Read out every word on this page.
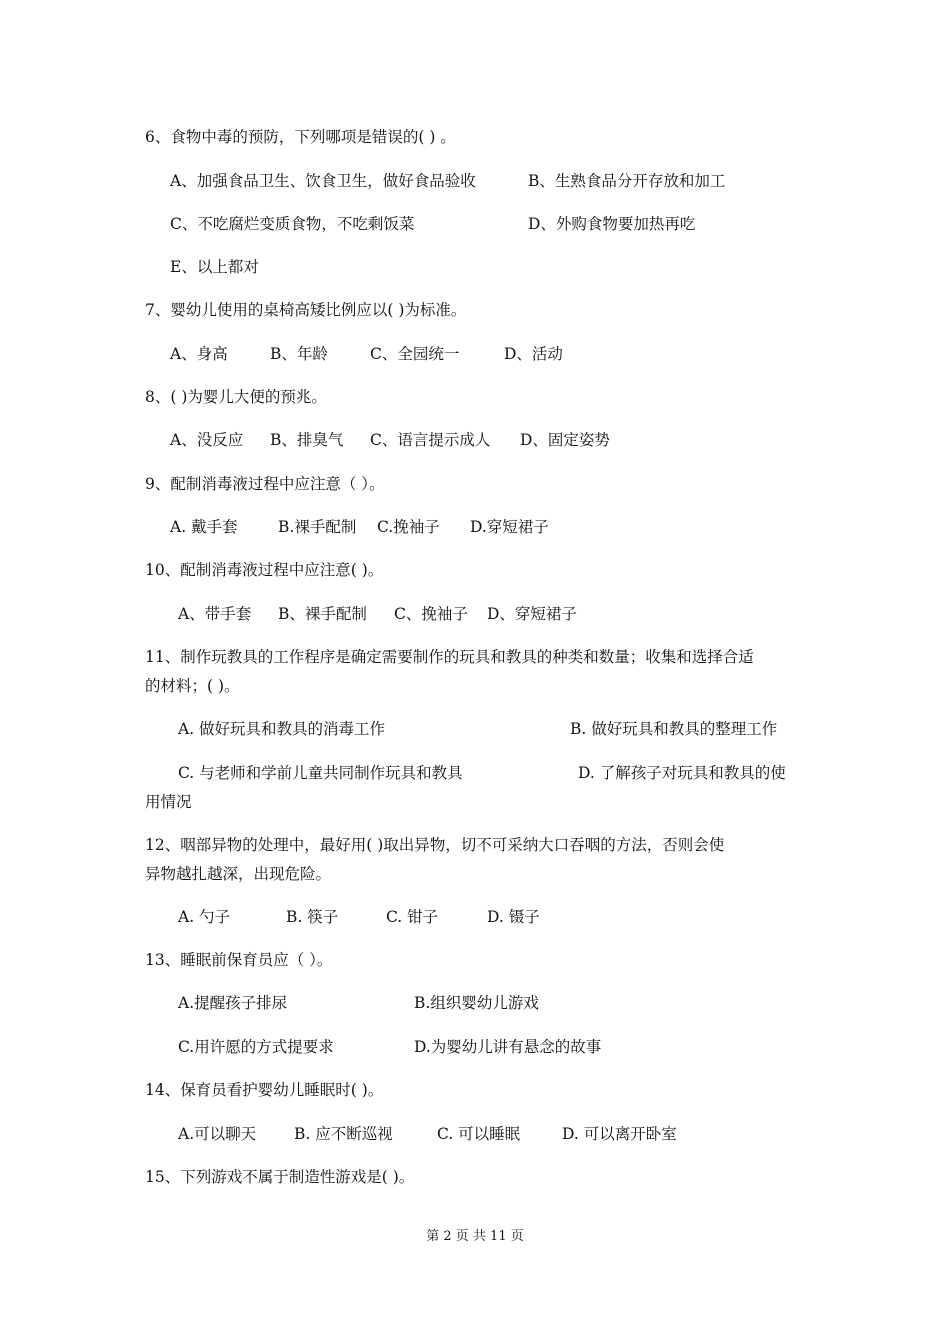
6、食物中毒的预防，下列哪项是错误的( ) 。
A、加强食品卫生、饮食卫生，做好食品验收	B、生熟食品分开存放和加工
C、不吃腐烂变质食物，不吃剩饭菜	D、外购食物要加热再吃
E、以上都对
7、婴幼儿使用的桌椅高矮比例应以( )为标准。
A、身高	B、年龄	C、全园统一	D、活动
8、( )为婴儿大便的预兆。
A、没反应 B、排臭气 C、语言提示成人 D、固定姿势
9、配制消毒液过程中应注意（ ）。
A. 戴手套	B.裸手配制 C.挽袖子 D.穿短裙子
10、配制消毒液过程中应注意( )。
A、带手套 B、裸手配制 C、挽袖子 D、穿短裙子
11、制作玩教具的工作程序是确定需要制作的玩具和教具的种类和数量；收集和选择合适
的材料；( )。
A. 做好玩具和教具的消毒工作	B. 做好玩具和教具的整理工作
C. 与老师和学前儿童共同制作玩具和教具	D. 了解孩子对玩具和教具的使
用情况
12、咽部异物的处理中，最好用( )取出异物，切不可采纳大口吞咽的方法，否则会使
异物越扎越深，出现危险。
A. 勺子	B. 筷子	C. 钳子	D. 镊子
13、睡眠前保育员应（ ）。
A.提醒孩子排尿	B.组织婴幼儿游戏
C.用许愿的方式提要求	D.为婴幼儿讲有悬念的故事
14、保育员看护婴幼儿睡眠时( )。
A.可以聊天 B. 应不断巡视	C. 可以睡眠	D. 可以离开卧室
15、下列游戏不属于制造性游戏是( )。
第 2 页 共 11 页
